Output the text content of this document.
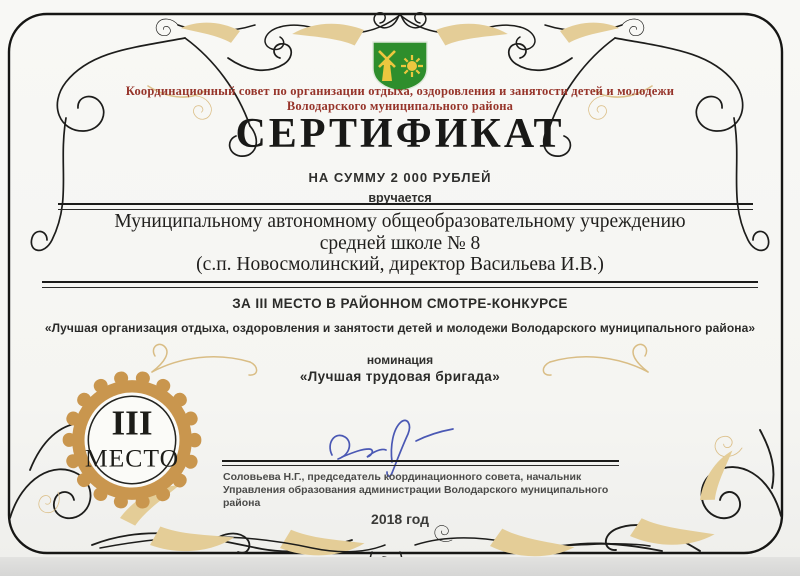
Координационный совет по организации отдыха, оздоровления и занятости детей и молодежи
Володарского муниципального района
СЕРТИФИКАТ
НА СУММУ 2 000 РУБЛЕЙ
вручается
Муниципальному автономному общеобразовательному учреждению
средней школе № 8
(с.п. Новосмолинский, директор Васильева И.В.)
ЗА III МЕСТО В РАЙОННОМ СМОТРЕ-КОНКУРСЕ
«Лучшая организация отдыха, оздоровления и занятости детей и молодежи Володарского муниципального района»
номинация
«Лучшая трудовая бригада»
III
МЕСТО
Соловьева Н.Г., председатель координационного совета, начальник
Управления образования администрации Володарского муниципального
района
2018 год
